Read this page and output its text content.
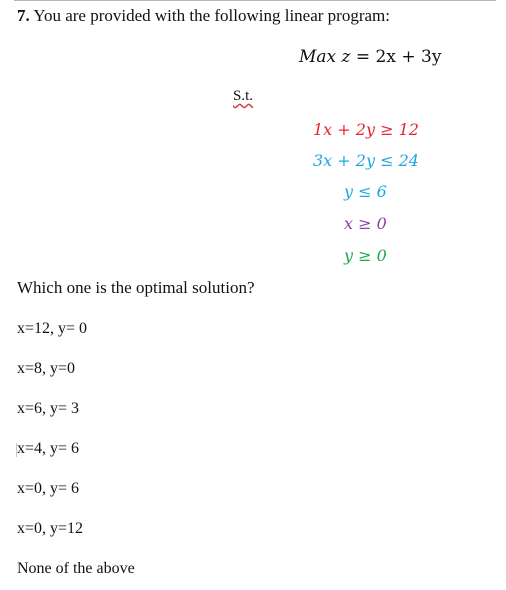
7. You are provided with the following linear program:
Max z = 2x + 3y
S.t.
1x + 2y ≥ 12
3x + 2y ≤ 24
y ≤ 6
x ≥ 0
y ≥ 0
Which one is the optimal solution?
x=12, y= 0
x=8, y=0
x=6, y= 3
x=4, y= 6
x=0, y= 6
x=0, y=12
None of the above
